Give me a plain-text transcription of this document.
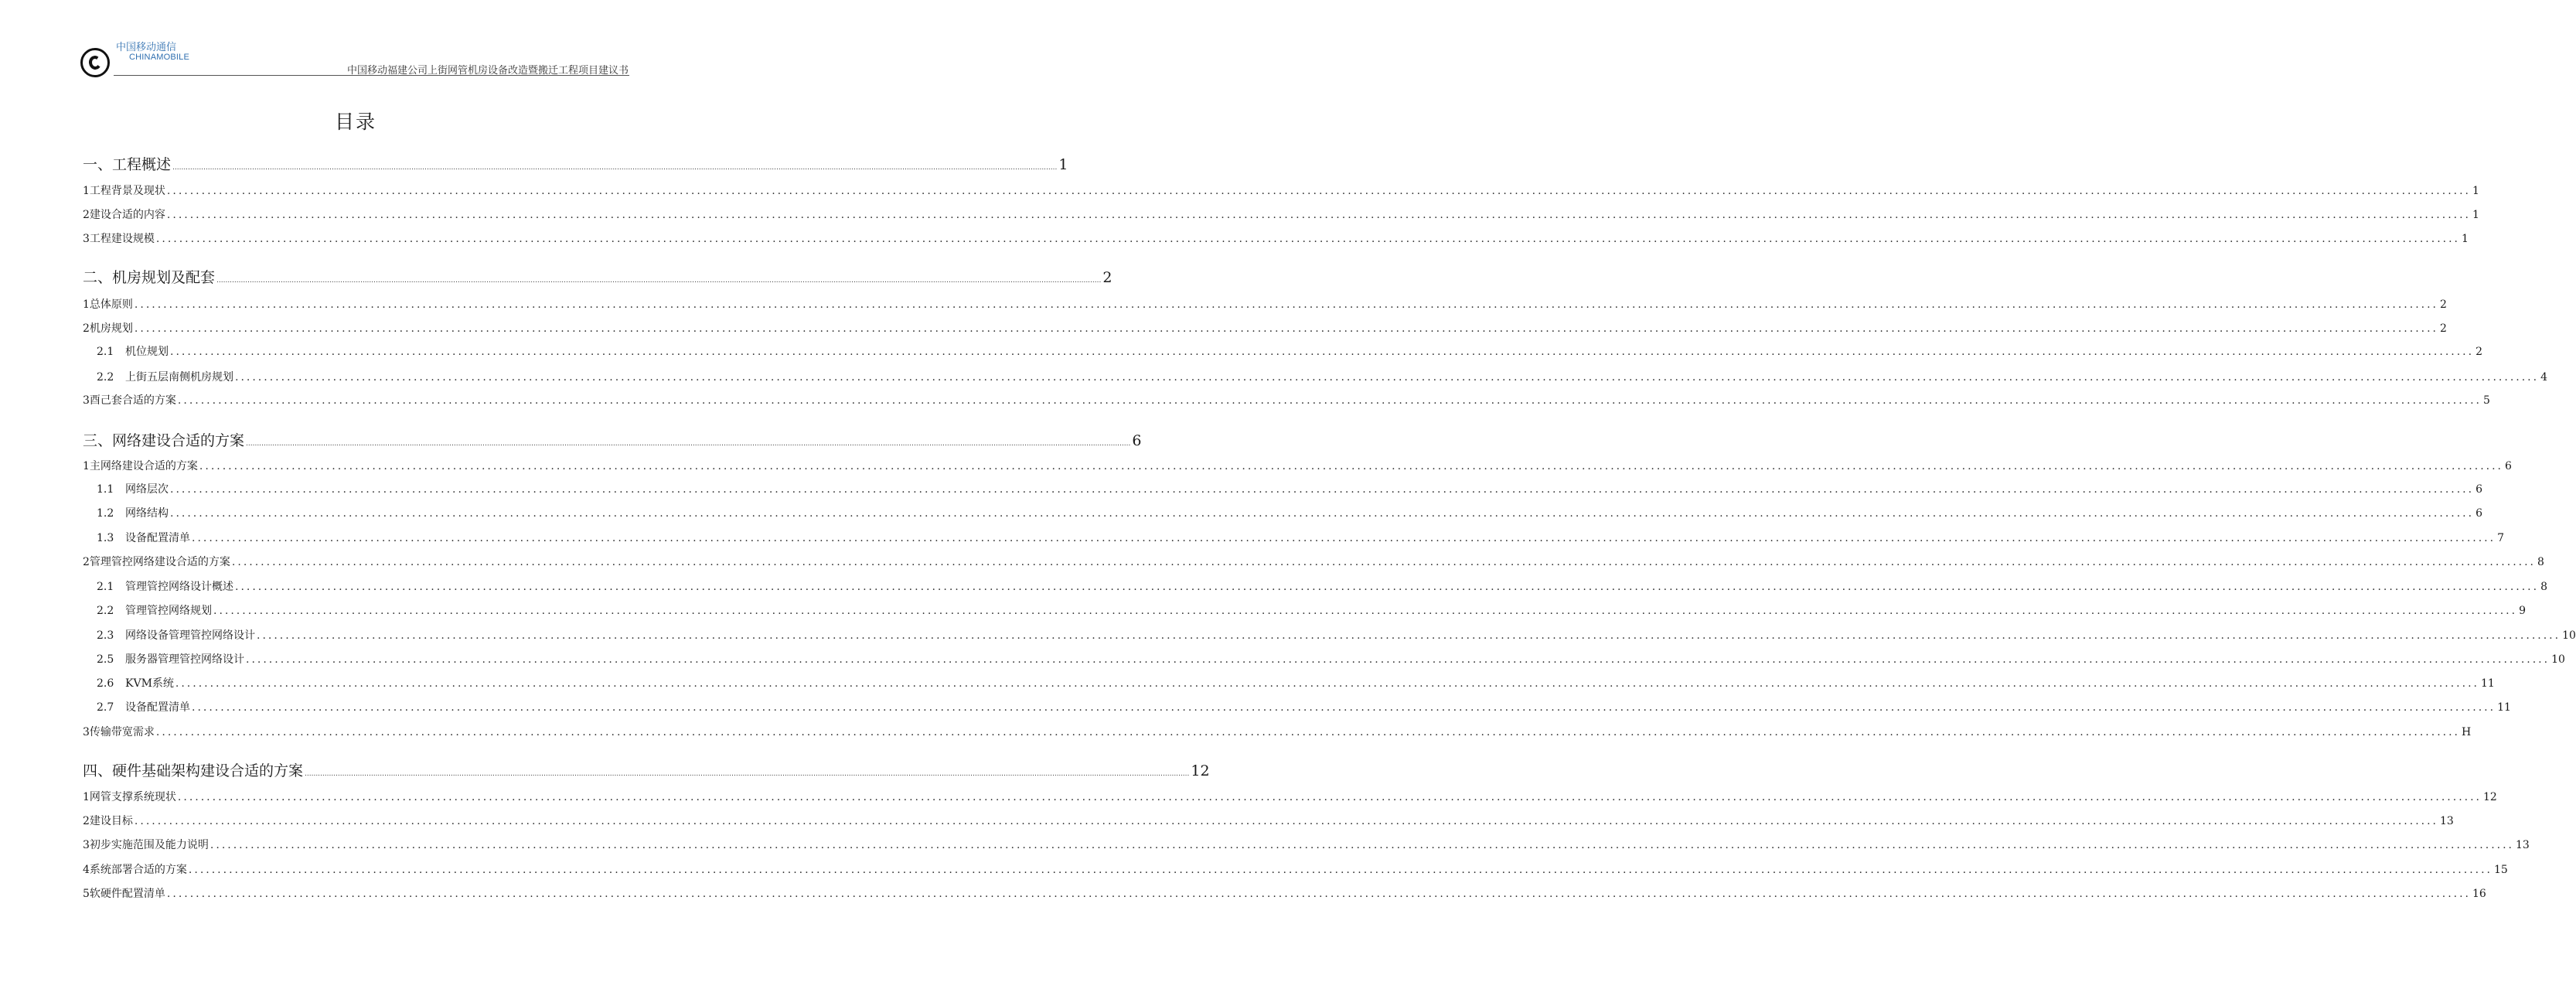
中国移动通信
CHINAMOBILE
中国移动福建公司上街网管机房设备改造暨搬迁工程项目建议书
目录
一、工程概述 ................................................................................................................................................................................................................................................................................................................................................................................................................ 1
1工程背景及现状 ................................................................................................................................................................................................................................................................................................................................................................................................................ 1
2建设合适的内容 ................................................................................................................................................................................................................................................................................................................................................................................................................ 1
3工程建设规模 ................................................................................................................................................................................................................................................................................................................................................................................................................ 1
二、机房规划及配套 ................................................................................................................................................................................................................................................................................................................................................................................................................ 2
1总体原则 ................................................................................................................................................................................................................................................................................................................................................................................................................ 2
2机房规划 ................................................................................................................................................................................................................................................................................................................................................................................................................ 2
2.1 机位规划 ................................................................................................................................................................................................................................................................................................................................................................................................................ 2
2.2 上街五层南侧机房规划 ................................................................................................................................................................................................................................................................................................................................................................................................................ 4
3酉己套合适的方案 ................................................................................................................................................................................................................................................................................................................................................................................................................ 5
三、网络建设合适的方案 ................................................................................................................................................................................................................................................................................................................................................................................................................ 6
1主网络建设合适的方案 ................................................................................................................................................................................................................................................................................................................................................................................................................ 6
1.1 网络层次 ................................................................................................................................................................................................................................................................................................................................................................................................................ 6
1.2 网络结构 ................................................................................................................................................................................................................................................................................................................................................................................................................ 6
1.3 设备配置清单 ................................................................................................................................................................................................................................................................................................................................................................................................................ 7
2管理管控网络建设合适的方案 ................................................................................................................................................................................................................................................................................................................................................................................................................ 8
2.1 管理管控网络设计概述 ................................................................................................................................................................................................................................................................................................................................................................................................................ 8
2.2 管理管控网络规划 ................................................................................................................................................................................................................................................................................................................................................................................................................ 9
2.3 网络设备管理管控网络设计 ................................................................................................................................................................................................................................................................................................................................................................................................................ 10
2.5 服务器管理管控网络设计 ................................................................................................................................................................................................................................................................................................................................................................................................................ 10
2.6 KVM系统 ................................................................................................................................................................................................................................................................................................................................................................................................................ 11
2.7 设备配置清单 ................................................................................................................................................................................................................................................................................................................................................................................................................ 11
3传输带宽需求 ................................................................................................................................................................................................................................................................................................................................................................................................................ H
四、硬件基础架构建设合适的方案 ................................................................................................................................................................................................................................................................................................................................................................................................................ 12
1网管支撑系统现状 ................................................................................................................................................................................................................................................................................................................................................................................................................ 12
2建设目标 ................................................................................................................................................................................................................................................................................................................................................................................................................ 13
3初步实施范围及能力说明 ................................................................................................................................................................................................................................................................................................................................................................................................................ 13
4系统部署合适的方案 ................................................................................................................................................................................................................................................................................................................................................................................................................ 15
5软硬件配置清单 ................................................................................................................................................................................................................................................................................................................................................................................................................ 16
